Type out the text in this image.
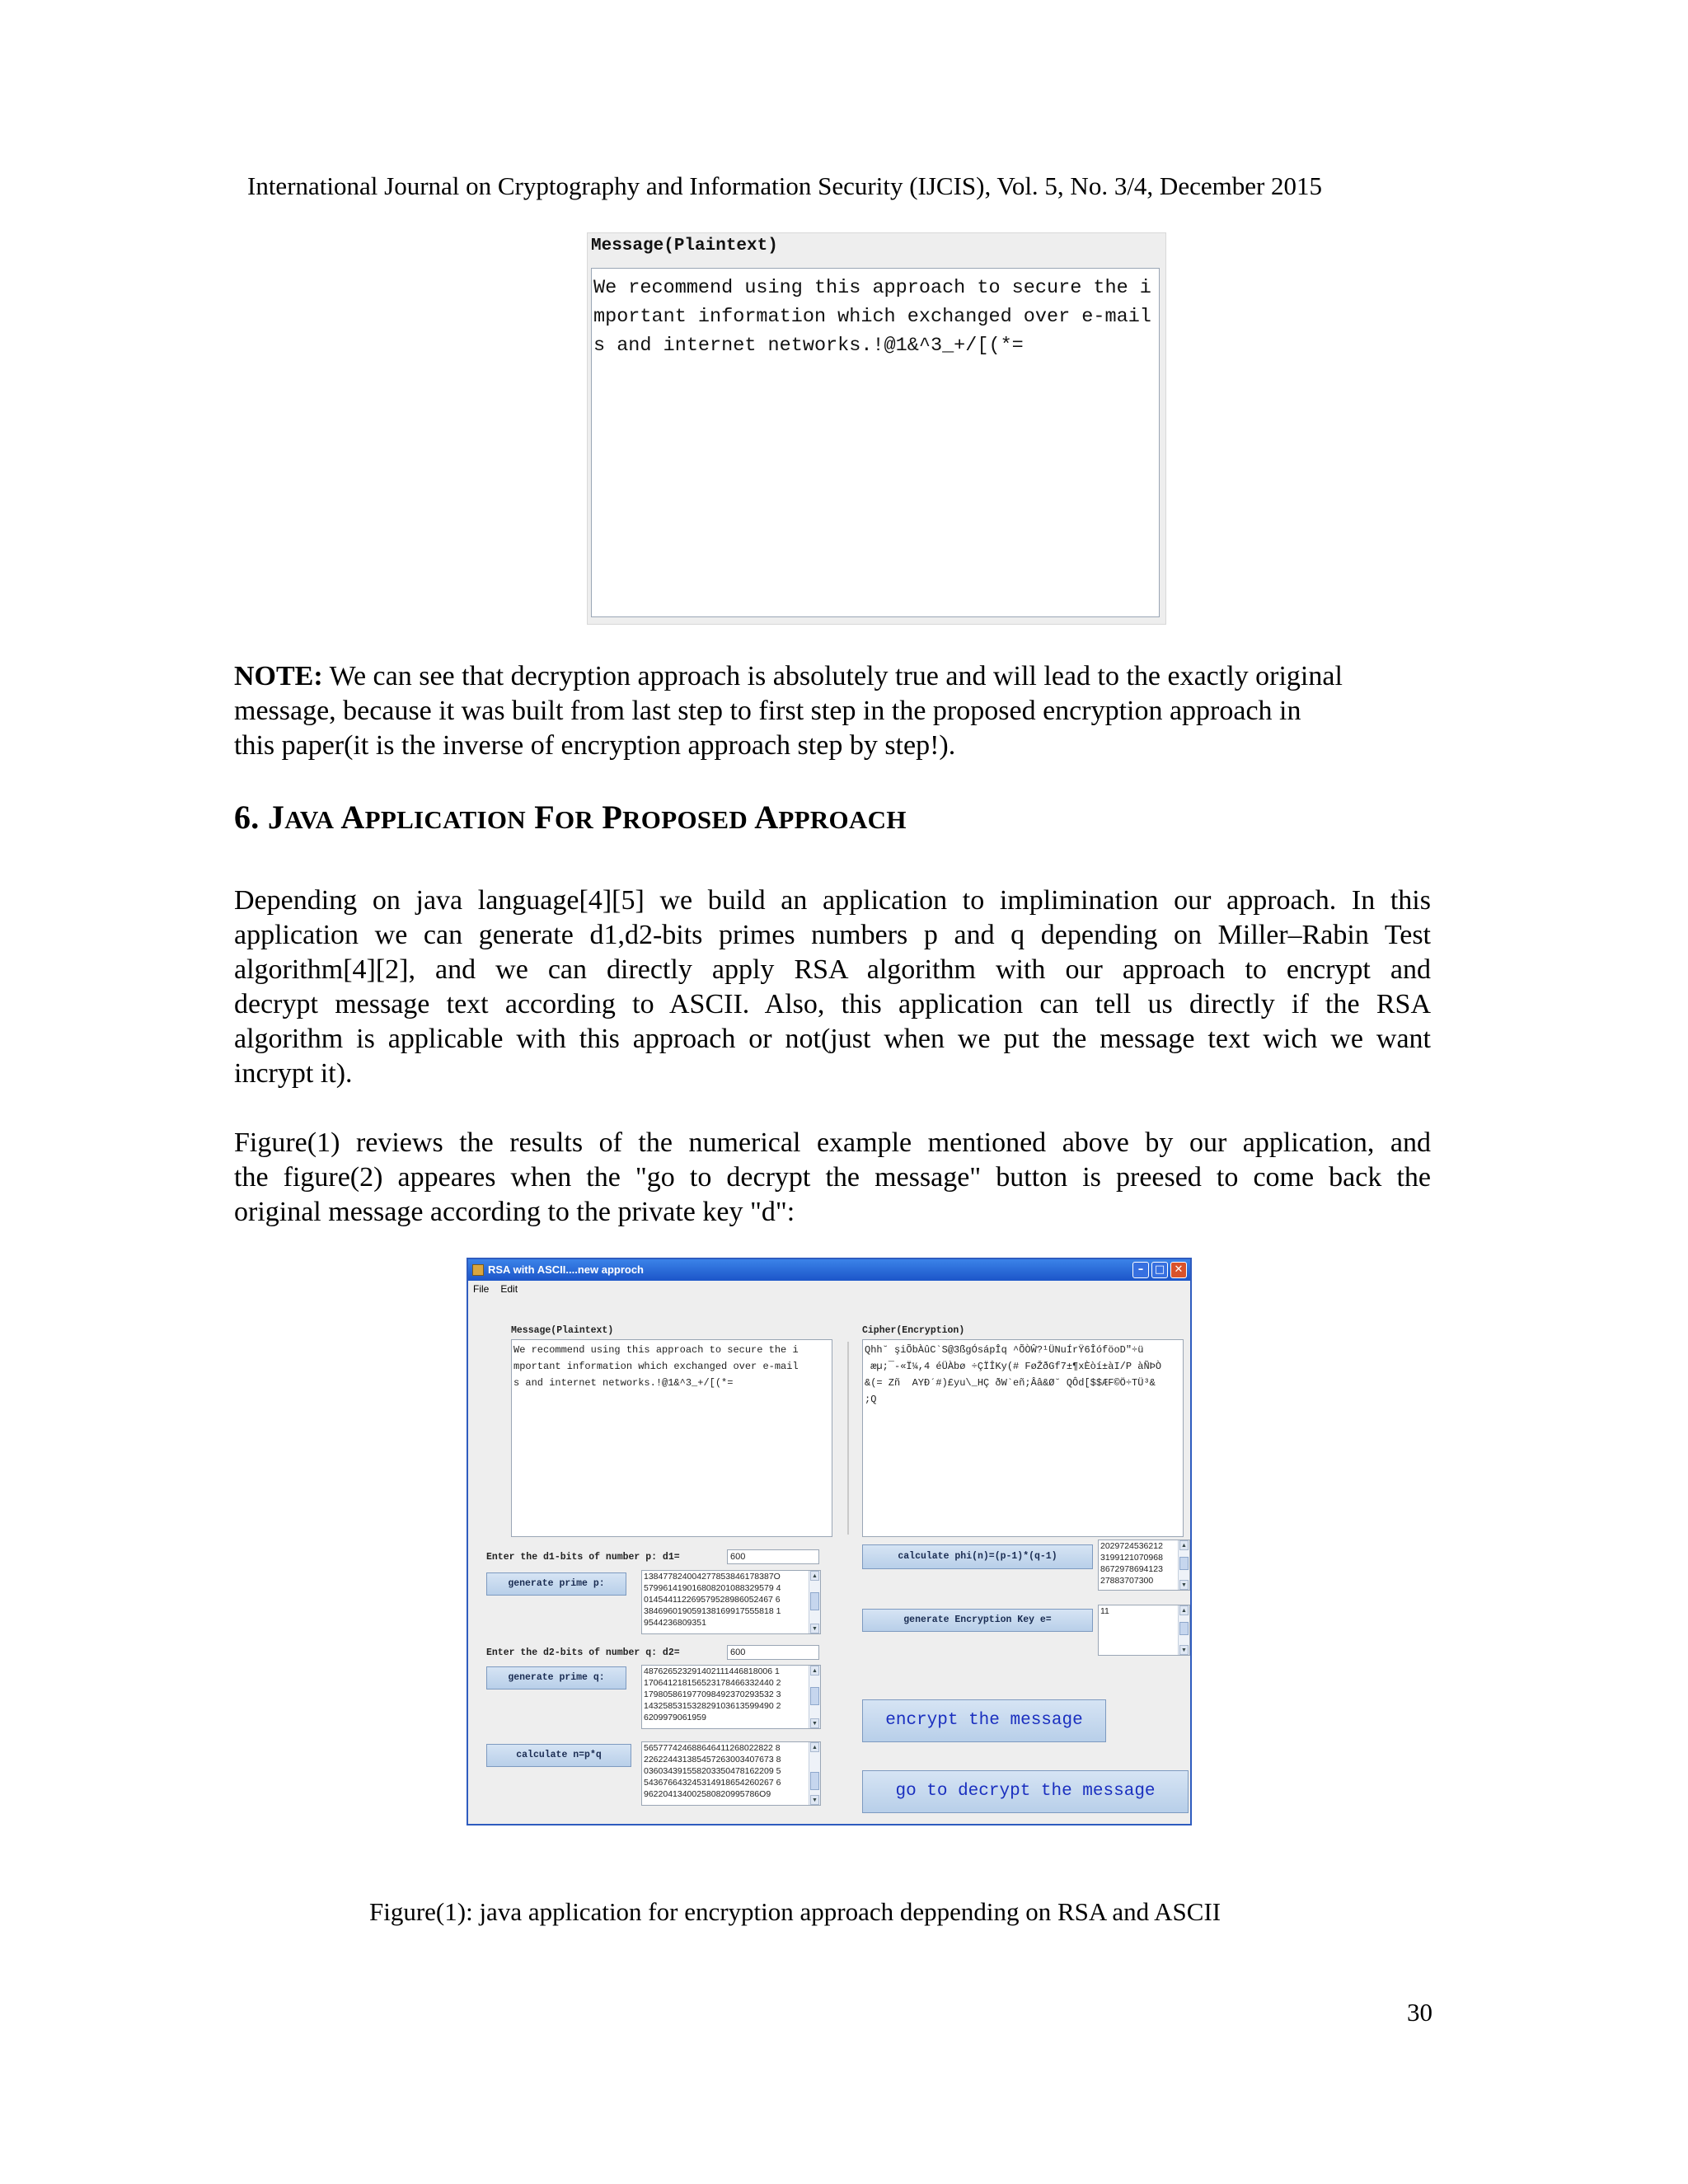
International Journal on Cryptography and Information Security (IJCIS), Vol. 5, No. 3/4, December 2015
Message(Plaintext)
We recommend using this approach to secure the i
mportant information which exchanged over e-mail
s and internet networks.!@1&^3_+/[(*=
NOTE: We can see that decryption approach is absolutely true and will lead to the exactly original
message, because it was built from last step to first step in the proposed encryption approach in
this paper(it is the inverse of encryption approach step by step!).
6. JAVA APPLICATION FOR PROPOSED APPROACH
Depending on java language[4][5] we build an application to implimination our approach. In this
application we can generate d1,d2-bits primes numbers p and q depending on Miller–Rabin Test
algorithm[4][2], and we can directly apply RSA algorithm with our approach to encrypt and
decrypt message text according to ASCII. Also, this application can tell us directly if the RSA
algorithm is applicable with this approach or not(just when we put the message text wich we want
incrypt it).
Figure(1) reviews the results of the numerical example mentioned above by our application, and
the figure(2) appeares when the "go to decrypt the message" button is preesed to come back the
original message according to the private key "d":
RSA with ASCII....new approch	–	□ ✕
File Edit
Message(Plaintext)
We recommend using this approach to secure the i
mportant information which exchanged over e-mail
s and internet networks.!@1&^3_+/[(*=
Cipher(Encryption)
Qhh˘ şiÕbÀûC`S@3ßgÓsápÎq ^ÕÒŴ?¹ÜNuÍrŸ6ÎóföoD"÷ü
æµ;¯-«Ï¼,4 éÜÀbø ÷ÇÏÎKy(# FøŽðGf7±¶xÈòí±àI/P àÑÞÒ
&(= Zñ  AYÐ´#)£yu\_HÇ ðW`eñ;Ââ&Ø˘ QÔd[$$ÆF©Ö÷TÜ³&
;Q
Enter the d1-bits of number p: d1=	600
generate prime p:
138477824004277853846178387O
579961419016808201088329579 4
014544112269579528986052467 6
384696019059138169917555818 1
9544236809351
▲
▼
Enter the d2-bits of number q: d2=	600
generate prime q:
487626523291402111446818006 1
170641218156523178466332440 2
179805861977098492370293532 3
143258531532829103613599490 2
6209979061959
▲
▼
calculate n=p*q
565777424688646411268022822 8
226224431385457263003407673 8
036034391558203350478162209 5
543676643245314918654260267 6
962204134002580820995786O9
▲
▼
calculate phi(n)=(p-1)*(q-1)
2029724536212
3199121070968
8672978694123
27883707300
▲
▼
generate Encryption Key e=
11	▲
▼
encrypt the message
go to decrypt the message
Figure(1): java application for encryption approach deppending on RSA and ASCII
30
